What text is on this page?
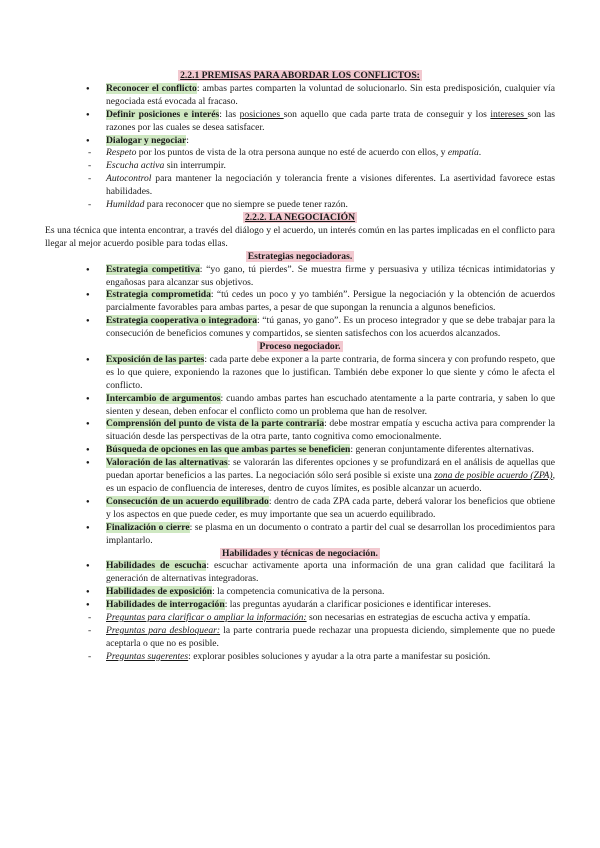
2.2.1 PREMISAS PARA ABORDAR LOS CONFLICTOS:
● Reconocer el conflicto: ambas partes comparten la voluntad de solucionarlo. Sin esta predisposición, cualquier vía negociada está evocada al fracaso.
● Definir posiciones e interés: las posiciones son aquello que cada parte trata de conseguir y los intereses son las razones por las cuales se desea satisfacer.
● Dialogar y negociar:
- Respeto por los puntos de vista de la otra persona aunque no esté de acuerdo con ellos, y empatía.
- Escucha activa sin interrumpir.
- Autocontrol para mantener la negociación y tolerancia frente a visiones diferentes. La asertividad favorece estas habilidades.
- Humildad para reconocer que no siempre se puede tener razón.
2.2.2. LA NEGOCIACIÓN

Es una técnica que intenta encontrar, a través del diálogo y el acuerdo, un interés común en las partes implicadas en el conflicto para llegar al mejor acuerdo posible para todas ellas.

Estrategias negociadoras.
● Estrategia competitiva: “yo gano, tú pierdes”. Se muestra firme y persuasiva y utiliza técnicas intimidatorias y engañosas para alcanzar sus objetivos.
● Estrategia comprometida: “tú cedes un poco y yo también”. Persigue la negociación y la obtención de acuerdos parcialmente favorables para ambas partes, a pesar de que supongan la renuncia a algunos beneficios.
● Estrategia cooperativa o integradora: “tú ganas, yo gano”. Es un proceso integrador y que se debe trabajar para la consecución de beneficios comunes y compartidos, se sienten satisfechos con los acuerdos alcanzados.
Proceso negociador.
● Exposición de las partes: cada parte debe exponer a la parte contraria, de forma sincera y con profundo respeto, que es lo que quiere, exponiendo la razones que lo justifican. También debe exponer lo que siente y cómo le afecta el conflicto.
● Intercambio de argumentos: cuando ambas partes han escuchado atentamente a la parte contraria, y saben lo que sienten y desean, deben enfocar el conflicto como un problema que han de resolver.
● Comprensión del punto de vista de la parte contraria: debe mostrar empatía y escucha activa para comprender la situación desde las perspectivas de la otra parte, tanto cognitiva como emocionalmente.
● Búsqueda de opciones en las que ambas partes se beneficien: generan conjuntamente diferentes alternativas.
● Valoración de las alternativas: se valorarán las diferentes opciones y se profundizará en el análisis de aquellas que puedan aportar beneficios a las partes. La negociación sólo será posible si existe una zona de posible acuerdo (ZPA), es un espacio de confluencia de intereses, dentro de cuyos límites, es posible alcanzar un acuerdo.
● Consecución de un acuerdo equilibrado: dentro de cada ZPA cada parte, deberá valorar los beneficios que obtiene y los aspectos en que puede ceder, es muy importante que sea un acuerdo equilibrado.
● Finalización o cierre: se plasma en un documento o contrato a partir del cual se desarrollan los procedimientos para implantarlo.
Habilidades y técnicas de negociación.
● Habilidades de escucha: escuchar activamente aporta una información de una gran calidad que facilitará la generación de alternativas integradoras.
● Habilidades de exposición: la competencia comunicativa de la persona.
● Habilidades de interrogación: las preguntas ayudarán a clarificar posiciones e identificar intereses.
- Preguntas para clarificar o ampliar la información: son necesarias en estrategias de escucha activa y empatía.
- Preguntas para desbloquear: la parte contraria puede rechazar una propuesta diciendo, simplemente que no puede aceptarla o que no es posible.
- Preguntas sugerentes: explorar posibles soluciones y ayudar a la otra parte a manifestar su posición.
